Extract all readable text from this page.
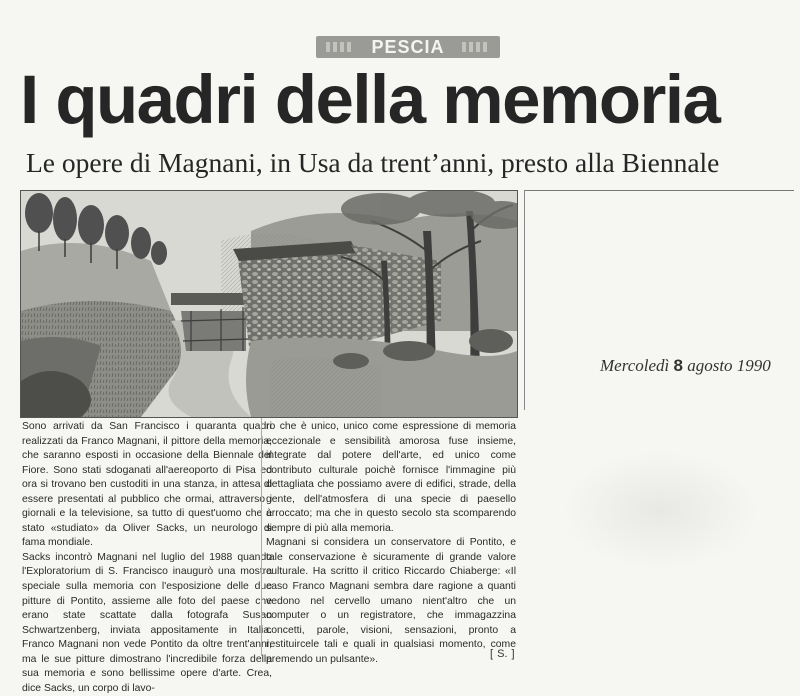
PESCIA
I quadri della memoria
Le opere di Magnani, in Usa da trent’anni, presto alla Biennale
Mercoledì 8 agosto 1990

Sono arrivati da San Francisco i quaranta quadri realizzati da Franco Magnani, il pittore della memoria, che saranno esposti in occasione della Biennale del Fiore. Sono stati sdoganati all'aereoporto di Pisa ed ora si trovano ben custoditi in una stanza, in attesa di essere presentati al pubblico che ormai, attraverso i giornali e la televisione, sa tutto di quest'uomo che è stato «studiato» da Oliver Sacks, un neurologo di fama mondiale.

Sacks incontrò Magnani nel luglio del 1988 quando l'Exploratorium di S. Francisco inaugurò una mostra speciale sulla memoria con l'esposizione delle due pitture di Pontito, assieme alle foto del paese che erano state scattate dalla fotografa Susan Schwartzenberg, inviata appositamente in Italia. Franco Magnani non vede Pontito da oltre trent'anni, ma le sue pitture dimostrano l'incredibile forza della sua memoria e sono bellissime opere d'arte. Crea, dice Sacks, un corpo di lavo-

ro che è unico, unico come espressione di memoria eccezionale e sensibilità amorosa fuse insieme, integrate dal potere dell'arte, ed unico come contributo culturale poichè fornisce l'immagine più dettagliata che possiamo avere di edifici, strade, della gente, dell'atmosfera di una specie di paesello arroccato; ma che in questo secolo sta scomparendo sempre di più alla memoria.

Magnani si considera un conservatore di Pontito, e tale conservazione è sicuramente di grande valore culturale. Ha scritto il critico Riccardo Chiaberge: «Il caso Franco Magnani sembra dare ragione a quanti vedono nel cervello umano nient'altro che un computer o un registratore, che immagazzina concetti, parole, visioni, sensazioni, pronto a restituircele tali e quali in qualsiasi momento, come premendo un pulsante».

[	S. ]
